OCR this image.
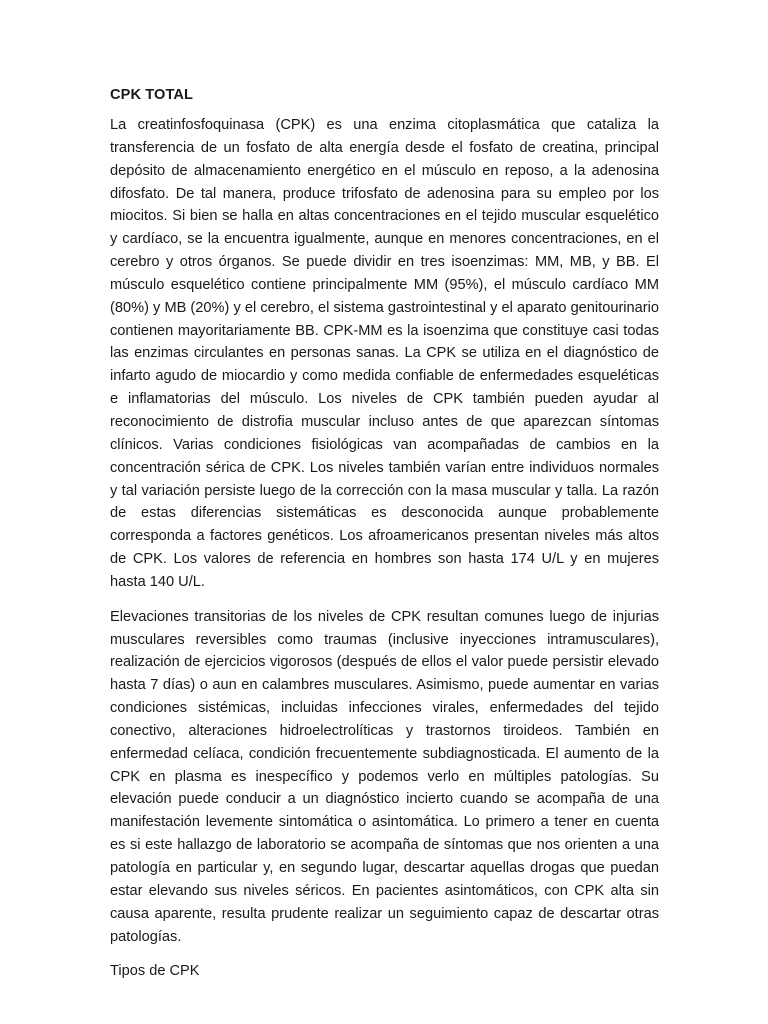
CPK TOTAL

La creatinfosfoquinasa (CPK) es una enzima citoplasmática que cataliza la transferencia de un fosfato de alta energía desde el fosfato de creatina, principal depósito de almacenamiento energético en el músculo en reposo, a la adenosina difosfato. De tal manera, produce trifosfato de adenosina para su empleo por los miocitos. Si bien se halla en altas concentraciones en el tejido muscular esquelético y cardíaco, se la encuentra igualmente, aunque en menores concentraciones, en el cerebro y otros órganos. Se puede dividir en tres isoenzimas: MM, MB, y BB. El músculo esquelético contiene principalmente MM (95%), el músculo cardíaco MM (80%) y MB (20%) y el cerebro, el sistema gastrointestinal y el aparato genitourinario contienen mayoritariamente BB. CPK-MM es la isoenzima que constituye casi todas las enzimas circulantes en personas sanas. La CPK se utiliza en el diagnóstico de infarto agudo de miocardio y como medida confiable de enfermedades esqueléticas e inflamatorias del músculo. Los niveles de CPK también pueden ayudar al reconocimiento de distrofia muscular incluso antes de que aparezcan síntomas clínicos. Varias condiciones fisiológicas van acompañadas de cambios en la concentración sérica de CPK. Los niveles también varían entre individuos normales y tal variación persiste luego de la corrección con la masa muscular y talla. La razón de estas diferencias sistemáticas es desconocida aunque probablemente corresponda a factores genéticos. Los afroamericanos presentan niveles más altos de CPK. Los valores de referencia en hombres son hasta 174 U/L y en mujeres hasta 140 U/L.

Elevaciones transitorias de los niveles de CPK resultan comunes luego de injurias musculares reversibles como traumas (inclusive inyecciones intramusculares), realización de ejercicios vigorosos (después de ellos el valor puede persistir elevado hasta 7 días) o aun en calambres musculares. Asimismo, puede aumentar en varias condiciones sistémicas, incluidas infecciones virales, enfermedades del tejido conectivo, alteraciones hidroelectrolíticas y trastornos tiroideos. También en enfermedad celíaca, condición frecuentemente subdiagnosticada. El aumento de la CPK en plasma es inespecífico y podemos verlo en múltiples patologías. Su elevación puede conducir a un diagnóstico incierto cuando se acompaña de una manifestación levemente sintomática o asintomática. Lo primero a tener en cuenta es si este hallazgo de laboratorio se acompaña de síntomas que nos orienten a una patología en particular y, en segundo lugar, descartar aquellas drogas que puedan estar elevando sus niveles séricos. En pacientes asintomáticos, con CPK alta sin causa aparente, resulta prudente realizar un seguimiento capaz de descartar otras patologías.

Tipos de CPK
